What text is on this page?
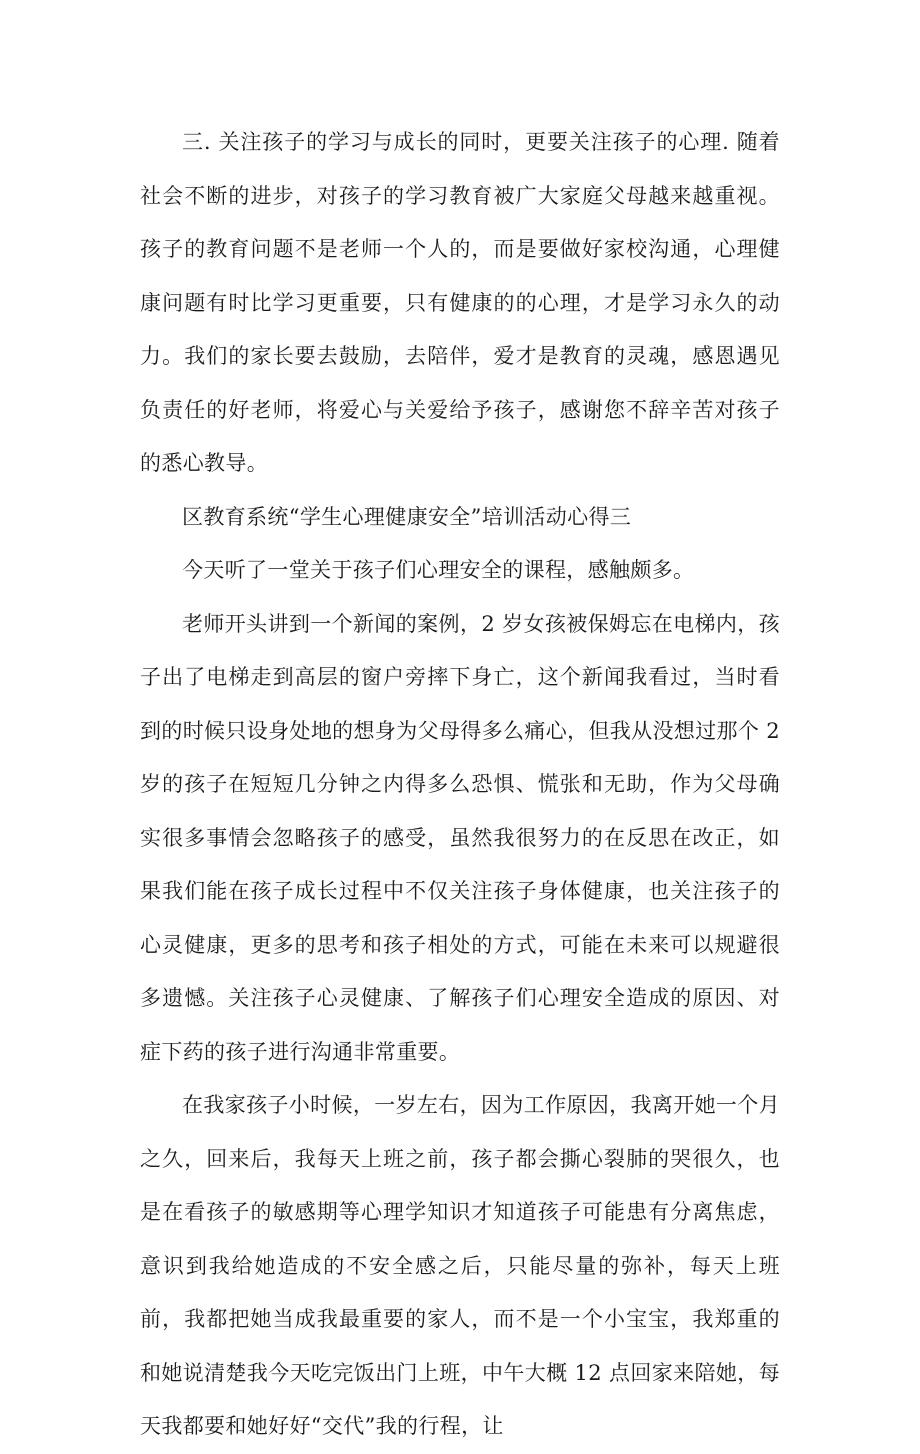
三. 关注孩子的学习与成长的同时，更要关注孩子的心理. 随着社会不断的进步，对孩子的学习教育被广大家庭父母越来越重视。孩子的教育问题不是老师一个人的，而是要做好家校沟通，心理健康问题有时比学习更重要，只有健康的的心理，才是学习永久的动力。我们的家长要去鼓励，去陪伴，爱才是教育的灵魂，感恩遇见负责任的好老师，将爱心与关爱给予孩子，感谢您不辞辛苦对孩子的悉心教导。

区教育系统“学生心理健康安全”培训活动心得三

今天听了一堂关于孩子们心理安全的课程，感触颇多。

老师开头讲到一个新闻的案例，2 岁女孩被保姆忘在电梯内，孩子出了电梯走到高层的窗户旁摔下身亡，这个新闻我看过，当时看到的时候只设身处地的想身为父母得多么痛心，但我从没想过那个 2 岁的孩子在短短几分钟之内得多么恐惧、慌张和无助，作为父母确实很多事情会忽略孩子的感受，虽然我很努力的在反思在改正，如果我们能在孩子成长过程中不仅关注孩子身体健康，也关注孩子的心灵健康，更多的思考和孩子相处的方式，可能在未来可以规避很多遗憾。关注孩子心灵健康、了解孩子们心理安全造成的原因、对症下药的孩子进行沟通非常重要。

在我家孩子小时候，一岁左右，因为工作原因，我离开她一个月之久，回来后，我每天上班之前，孩子都会撕心裂肺的哭很久，也是在看孩子的敏感期等心理学知识才知道孩子可能患有分离焦虑，意识到我给她造成的不安全感之后，只能尽量的弥补，每天上班前，我都把她当成我最重要的家人，而不是一个小宝宝，我郑重的和她说清楚我今天吃完饭出门上班，中午大概 12 点回家来陪她，每天我都要和她好好“交代”我的行程，让
